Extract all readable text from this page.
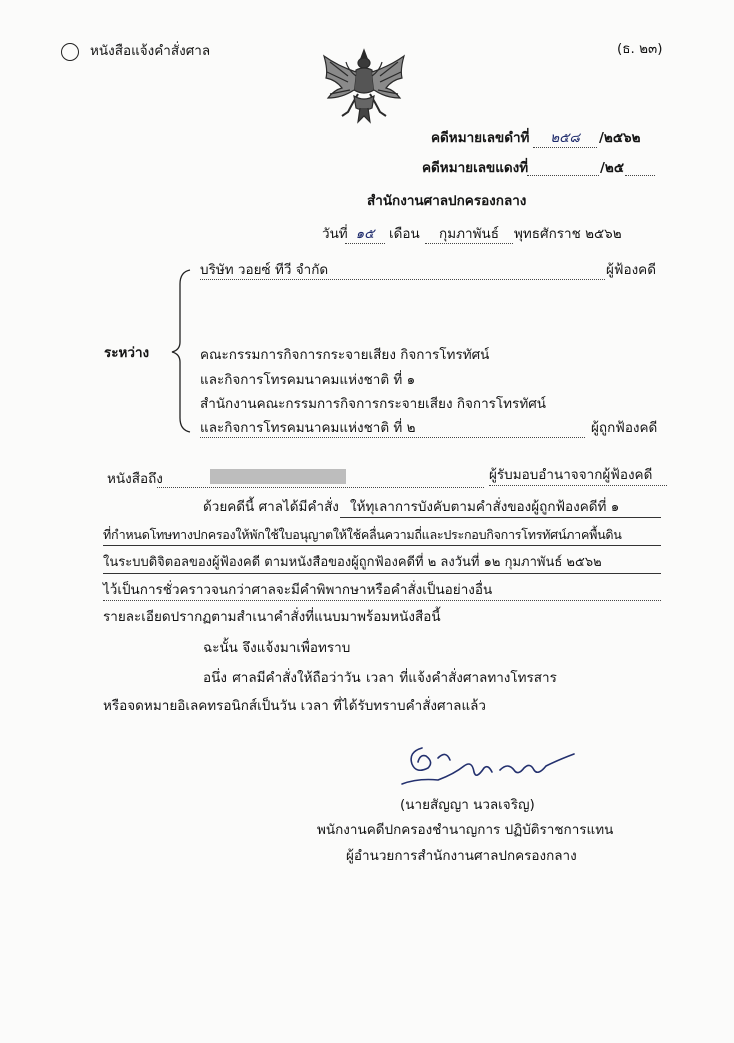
หนังสือแจ้งคำสั่งศาล	(ธ. ๒๓)
คดีหมายเลขดำที่	๒๕๘	/๒๕๖๒
คดีหมายเลขแดงที่	/๒๕
สำนักงานศาลปกครองกลาง
วันที่ ๑๕	เดือน	กุมภาพันธ์	พุทธศักราช ๒๕๖๒
บริษัท วอยซ์ ทีวี จำกัด	ผู้ฟ้องคดี
ระหว่าง	คณะกรรมการกิจการกระจายเสียง กิจการโทรทัศน์
และกิจการโทรคมนาคมแห่งชาติ ที่ ๑
สำนักงานคณะกรรมการกิจการกระจายเสียง กิจการโทรทัศน์
และกิจการโทรคมนาคมแห่งชาติ ที่ ๒	ผู้ถูกฟ้องคดี
หนังสือถึง	ผู้รับมอบอำนาจจากผู้ฟ้องคดี
ด้วยคดีนี้ ศาลได้มีคำสั่ง ให้ทุเลาการบังคับตามคำสั่งของผู้ถูกฟ้องคดีที่ ๑
ที่กำหนดโทษทางปกครองให้พักใช้ใบอนุญาตให้ใช้คลื่นความถี่และประกอบกิจการโทรทัศน์ภาคพื้นดิน
ในระบบดิจิตอลของผู้ฟ้องคดี ตามหนังสือของผู้ถูกฟ้องคดีที่ ๒ ลงวันที่ ๑๒ กุมภาพันธ์ ๒๕๖๒
ไว้เป็นการชั่วคราวจนกว่าศาลจะมีคำพิพากษาหรือคำสั่งเป็นอย่างอื่น
รายละเอียดปรากฏตามสำเนาคำสั่งที่แนบมาพร้อมหนังสือนี้
ฉะนั้น จึงแจ้งมาเพื่อทราบ
อนึ่ง ศาลมีคำสั่งให้ถือว่าวัน เวลา ที่แจ้งคำสั่งศาลทางโทรสาร
หรือจดหมายอิเลคทรอนิกส์เป็นวัน เวลา ที่ได้รับทราบคำสั่งศาลแล้ว
(นายสัญญา นวลเจริญ)
พนักงานคดีปกครองชำนาญการ ปฏิบัติราชการแทน
ผู้อำนวยการสำนักงานศาลปกครองกลาง
